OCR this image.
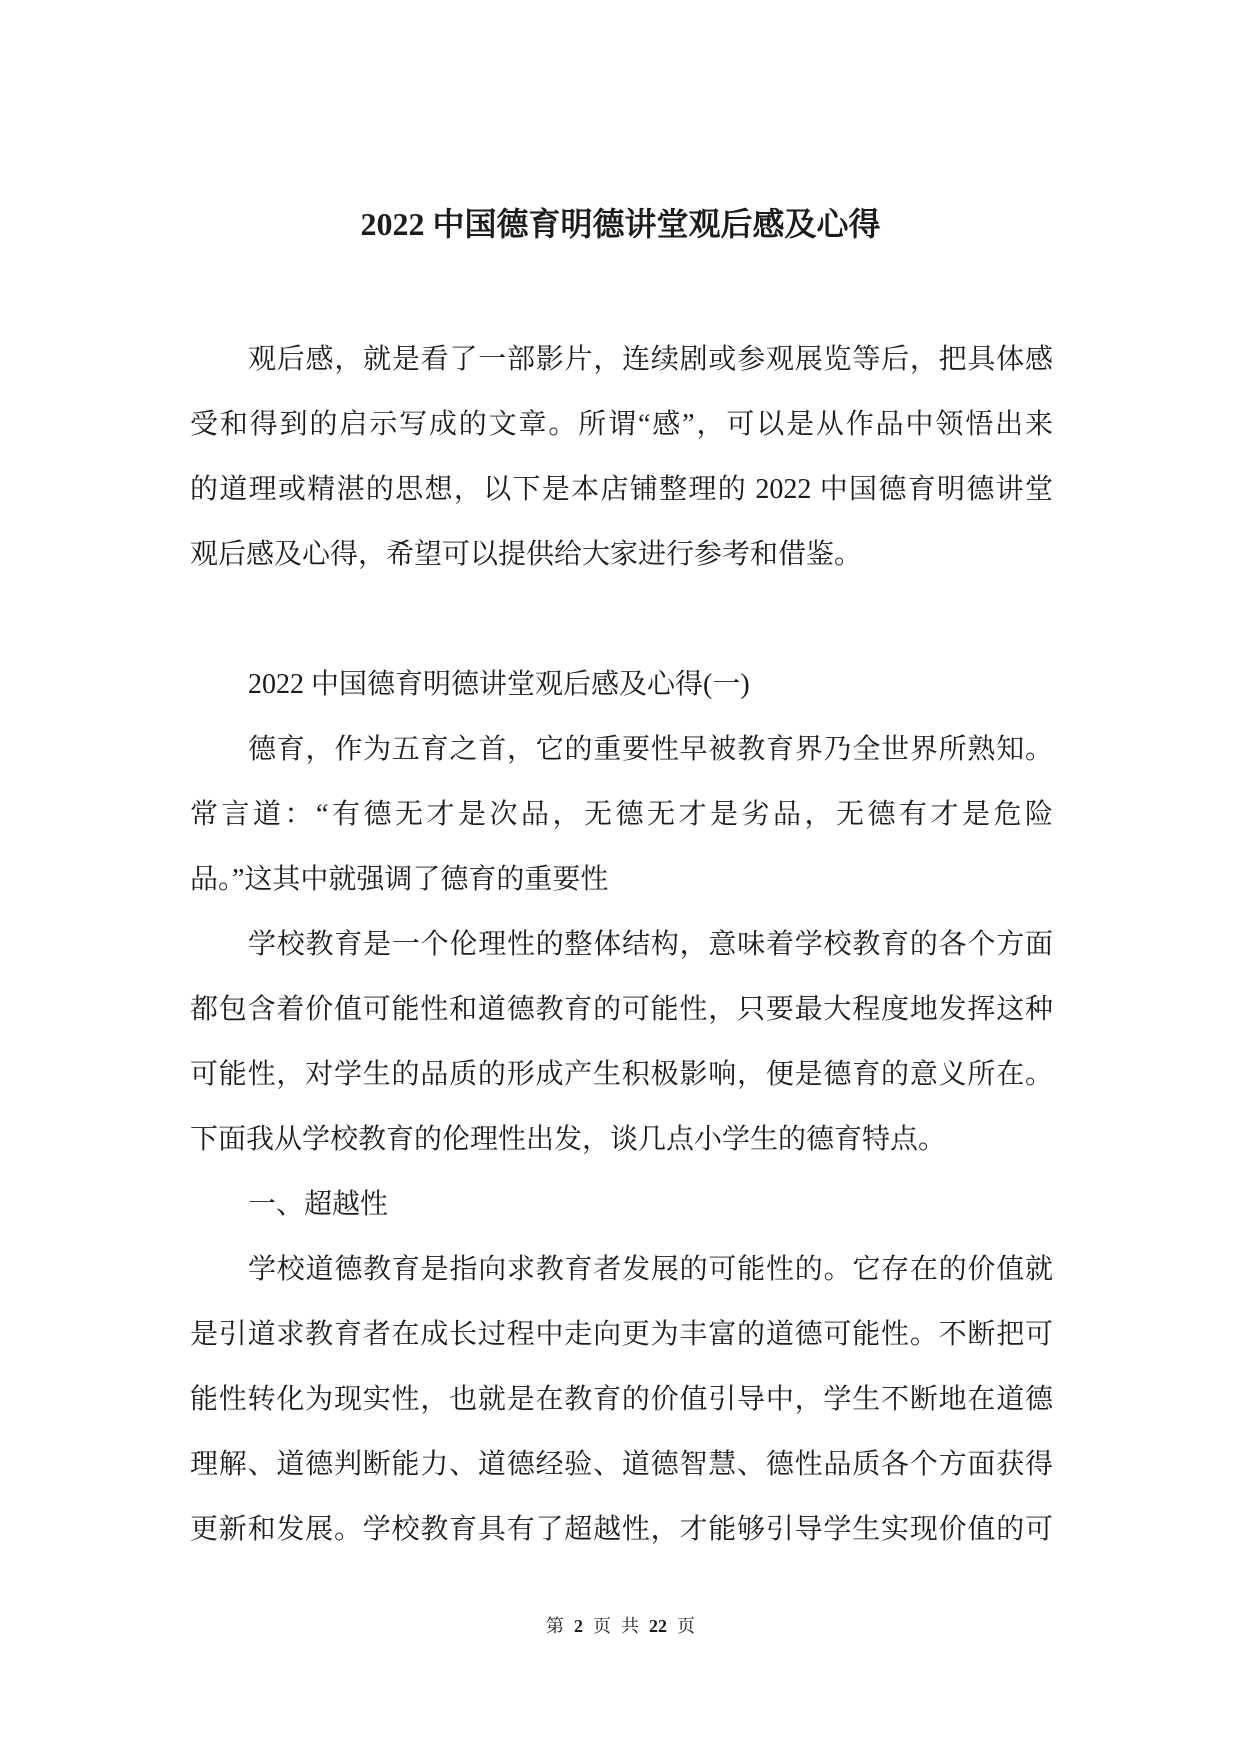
2022 中国德育明德讲堂观后感及心得

观后感，就是看了一部影片，连续剧或参观展览等后，把具体感
受和得到的启示写成的文章。所谓“感”，可以是从作品中领悟出来
的道理或精湛的思想，以下是本店铺整理的 2022 中国德育明德讲堂
观后感及心得，希望可以提供给大家进行参考和借鉴。

2022 中国德育明德讲堂观后感及心得(一)

德育，作为五育之首，它的重要性早被教育界乃全世界所熟知。
常言道：“有德无才是次品，无德无才是劣品，无德有才是危险
品。”这其中就强调了德育的重要性

学校教育是一个伦理性的整体结构，意味着学校教育的各个方面
都包含着价值可能性和道德教育的可能性，只要最大程度地发挥这种
可能性，对学生的品质的形成产生积极影响，便是德育的意义所在。
下面我从学校教育的伦理性出发，谈几点小学生的德育特点。

一、超越性

学校道德教育是指向求教育者发展的可能性的。它存在的价值就
是引道求教育者在成长过程中走向更为丰富的道德可能性。不断把可
能性转化为现实性，也就是在教育的价值引导中，学生不断地在道德
理解、道德判断能力、道德经验、道德智慧、德性品质各个方面获得
更新和发展。学校教育具有了超越性，才能够引导学生实现价值的可

第 2 页 共 22 页
